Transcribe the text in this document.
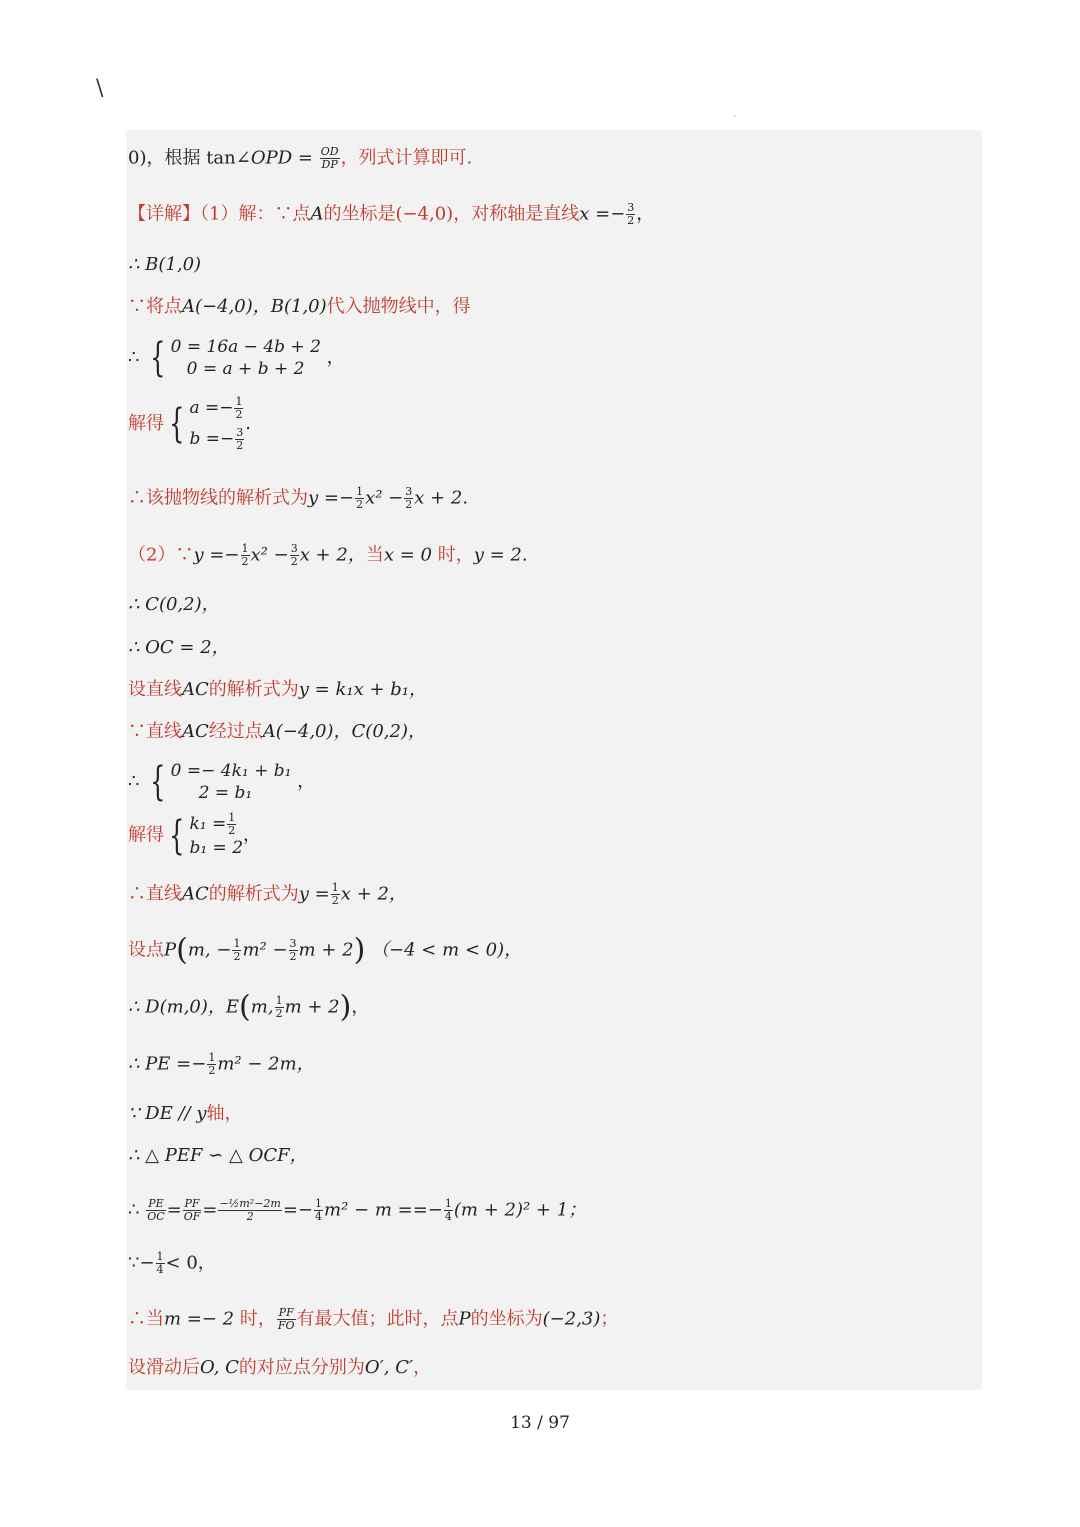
\
·
0)，根据 tan∠OPD = $\frac{OD}{DP}$ ，列式计算即可.
【详解】（1）解：∵点A的坐标是(−4,0)，对称轴是直线$x =- \frac{3}{2}$ ，
∴ B(1,0)
∵将点A(−4,0)，B(1,0)代入抛物线中，得
∴ { 0 = 16a − 4b + 2
0 = a + b + 2
，
解得 { $a =- \frac{1}{2}$
$b =- \frac{3}{2}$
.
∴该抛物线的解析式为$y =- \frac{1}{2} x^2 - \frac{3}{2}$ x + 2.
（2）∵y =− $\frac{1}{2} x^2 - \frac{3}{2}$ x + 2，当x = 0 时，y = 2.
∴ C(0,2)，
∴ OC = 2，
设直线AC的解析式为y = k₁x + b₁，
∵直线AC经过点A(−4,0)，C(0,2)，
∴ { 0 =− 4k₁ + b₁
2 = b₁
，
解得 { $k_1 = \frac{1}{2}$
b₁ = 2
，
∴直线AC的解析式为$y = \frac{1}{2}$ x + 2，
设点P(m, − $\frac{1}{2} m^2 - \frac{3}{2}$ m + 2) （−4 < m < 0)，
∴ D(m,0)，E(m, $\frac{1}{2}$ m + 2)，
∴ PE =− $\frac{1}{2} m^2 - 2m$，
∵ DE // y轴，
∴ △ PEF ∽ △ OCF，
∴ $\frac{PE}{OC} = \frac{PF}{OF} = \frac{\text{−½m²−2m}}{2} =- \frac{1}{4} m^2 - m$ ==− $\frac{1}{4} (m + 2)^2 + 1$；
∵− $\frac{1}{4} < 0$，
∴当m =− 2 时， $\frac{PF}{FO}$ 有最大值；此时，点P的坐标为(−2,3)；
设滑动后O, C的对应点分别为O′, C′，
13 / 97
